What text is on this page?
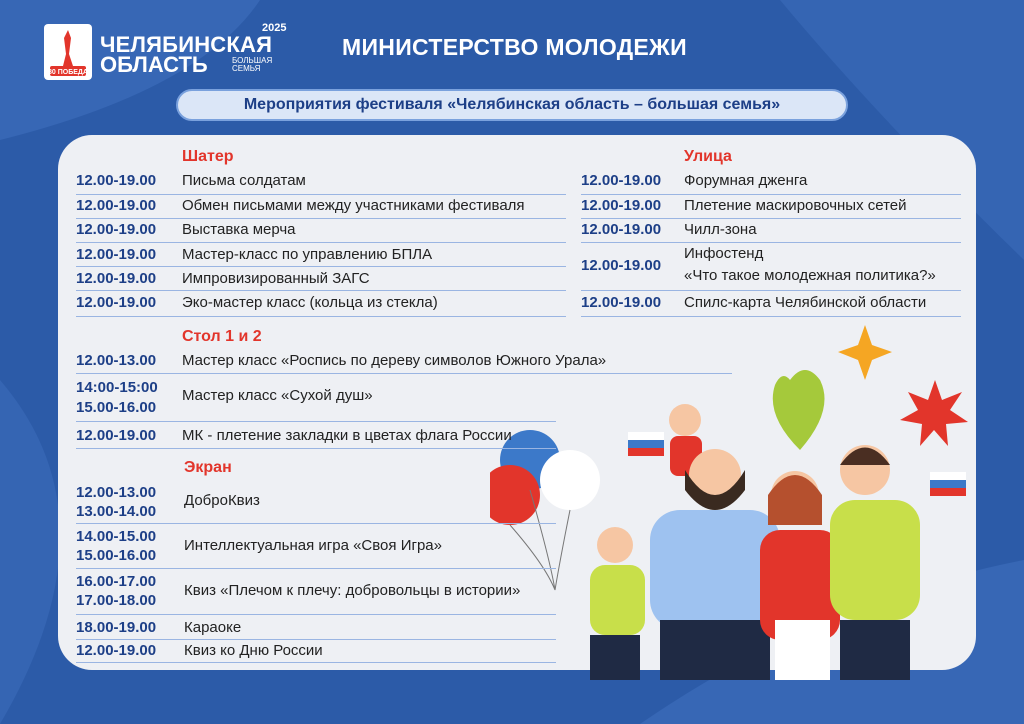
80 ПОБЕДА
2025
ЧЕЛЯБИНСКАЯ
ОБЛАСТЬ	БОЛЬШАЯ
СЕМЬЯ
МИНИСТЕРСТВО МОЛОДЕЖИ
Мероприятия фестиваля «Челябинская область – большая семья»
Шатер
12.00-19.00 Письма солдатам
12.00-19.00 Обмен письмами между участниками фестиваля
12.00-19.00 Выставка мерча
12.00-19.00 Мастер-класс по управлению БПЛА
12.00-19.00 Импровизированный ЗАГС
12.00-19.00 Эко-мастер класс (кольца из стекла)
Улица
12.00-19.00 Форумная дженга
12.00-19.00 Плетение маскировочных сетей
12.00-19.00 Чилл-зона
12.00-19.00
Инфостенд
«Что такое молодежная политика?»
12.00-19.00 Спилс-карта Челябинской области
Стол 1 и 2
12.00-13.00 Мастер класс «Роспись по дереву символов Южного Урала»
14:00-15:00
15.00-16.00
Мастер класс «Сухой душ»
12.00-19.00 МК - плетение закладки в цветах флага России
Экран
12.00-13.00
13.00-14.00
ДоброКвиз
14.00-15.00
15.00-16.00
Интеллектуальная игра «Своя Игра»
16.00-17.00
17.00-18.00
Квиз «Плечом к плечу: добровольцы в истории»
18.00-19.00 Караоке
12.00-19.00 Квиз ко Дню России
